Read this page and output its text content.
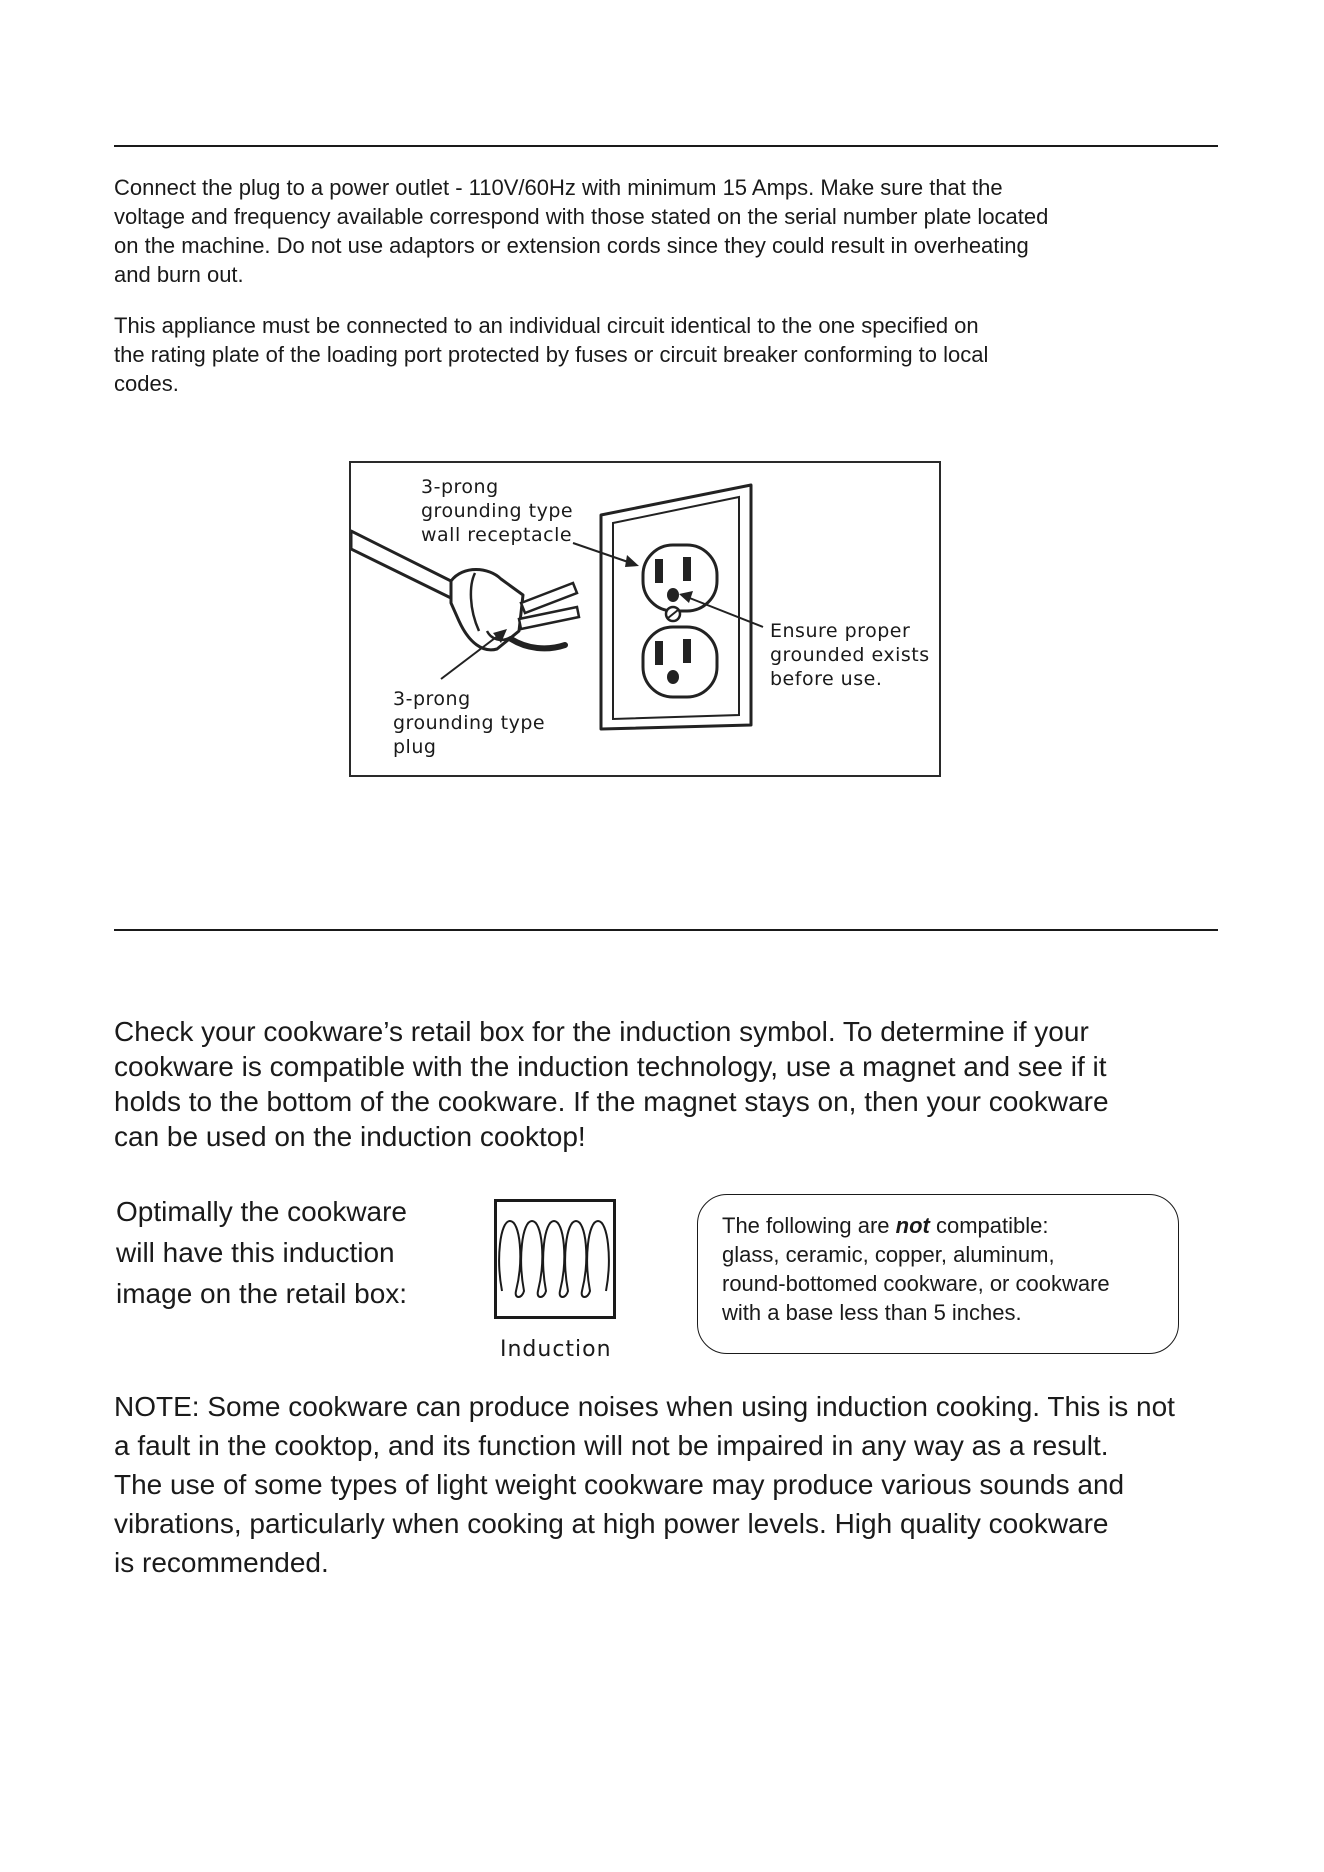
Connect the plug to a power outlet - 110V/60Hz with minimum 15 Amps. Make sure that the
voltage and frequency available correspond with those stated on the serial number plate located
on the machine. Do not use adaptors or extension cords since they could result in overheating
and burn out.

This appliance must be connected to an individual circuit identical to the one specified on
the rating plate of the loading port protected by fuses or circuit breaker conforming to local
codes.

3-prong
grounding type
wall receptacle
Ensure proper
grounded exists
before use.
3-prong
grounding type
plug

Check your cookware’s retail box for the induction symbol. To determine if your
cookware is compatible with the induction technology, use a magnet and see if it
holds to the bottom of the cookware. If the magnet stays on, then your cookware
can be used on the induction cooktop!

Optimally the cookware
will have this induction
image on the retail box:

Induction
The following are not compatible:
glass, ceramic, copper, aluminum,
round-bottomed cookware, or cookware
with a base less than 5 inches.

NOTE: Some cookware can produce noises when using induction cooking. This is not
a fault in the cooktop, and its function will not be impaired in any way as a result.
The use of some types of light weight cookware may produce various sounds and
vibrations, particularly when cooking at high power levels. High quality cookware
is recommended.
